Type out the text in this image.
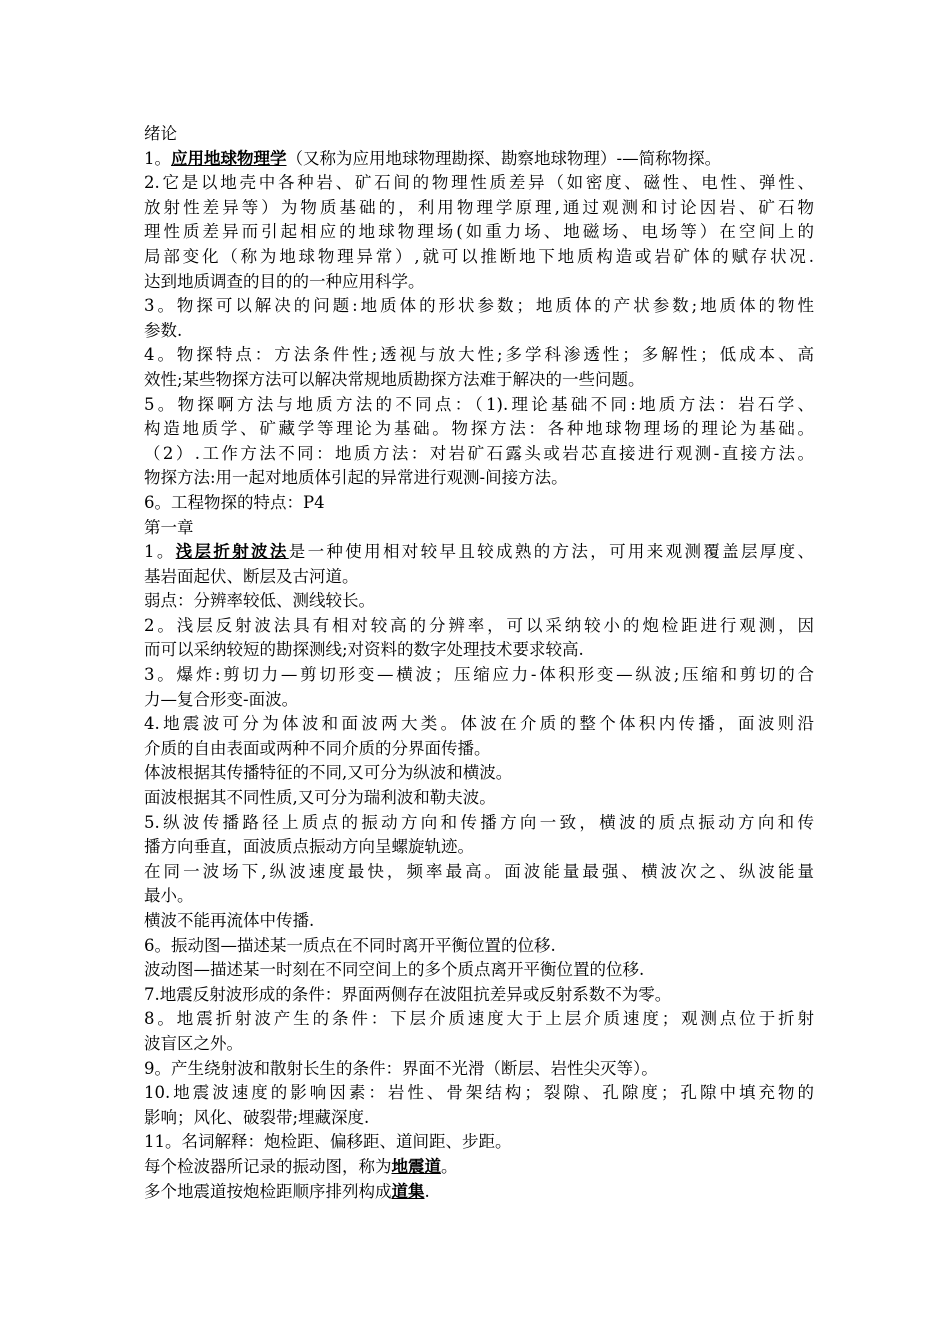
绪论
1。应用地球物理学（又称为应用地球物理勘探、勘察地球物理）-—简称物探。
2.它是以地壳中各种岩、矿石间的物理性质差异（如密度、磁性、电性、弹性、
放射性差异等）为物质基础的，利用物理学原理,通过观测和讨论因岩、矿石物
理性质差异而引起相应的地球物理场(如重力场、地磁场、电场等）在空间上的
局部变化（称为地球物理异常）,就可以推断地下地质构造或岩矿体的赋存状况.
达到地质调查的目的的一种应用科学。
3。物探可以解决的问题:地质体的形状参数；地质体的产状参数;地质体的物性
参数.
4。物探特点：方法条件性;透视与放大性;多学科渗透性；多解性；低成本、高
效性;某些物探方法可以解决常规地质勘探方法难于解决的一些问题。
5。物探啊方法与地质方法的不同点：（1).理论基础不同:地质方法：岩石学、
构造地质学、矿藏学等理论为基础。物探方法：各种地球物理场的理论为基础。
（2）.工作方法不同：地质方法：对岩矿石露头或岩芯直接进行观测-直接方法。
物探方法:用一起对地质体引起的异常进行观测-间接方法。
6。工程物探的特点：P4
第一章
1。浅层折射波法是一种使用相对较早且较成熟的方法，可用来观测覆盖层厚度、
基岩面起伏、断层及古河道。
弱点：分辨率较低、测线较长。
2。浅层反射波法具有相对较高的分辨率，可以采纳较小的炮检距进行观测，因
而可以采纳较短的勘探测线;对资料的数字处理技术要求较高.
3。爆炸:剪切力—剪切形变—横波；压缩应力-体积形变—纵波;压缩和剪切的合
力—复合形变-面波。
4.地震波可分为体波和面波两大类。体波在介质的整个体积内传播，面波则沿
介质的自由表面或两种不同介质的分界面传播。
体波根据其传播特征的不同,又可分为纵波和横波。
面波根据其不同性质,又可分为瑞利波和勒夫波。
5.纵波传播路径上质点的振动方向和传播方向一致，横波的质点振动方向和传
播方向垂直，面波质点振动方向呈螺旋轨迹。
在同一波场下,纵波速度最快，频率最高。面波能量最强、横波次之、纵波能量
最小。
横波不能再流体中传播.
6。振动图—描述某一质点在不同时离开平衡位置的位移.
波动图—描述某一时刻在不同空间上的多个质点离开平衡位置的位移.
7.地震反射波形成的条件：界面两侧存在波阻抗差异或反射系数不为零。
8。地震折射波产生的条件：下层介质速度大于上层介质速度；观测点位于折射
波盲区之外。
9。产生绕射波和散射长生的条件：界面不光滑（断层、岩性尖灭等）。
10.地震波速度的影响因素：岩性、骨架结构；裂隙、孔隙度；孔隙中填充物的
影响；风化、破裂带;埋藏深度.
11。名词解释：炮检距、偏移距、道间距、步距。
每个检波器所记录的振动图，称为地震道。
多个地震道按炮检距顺序排列构成道集.
